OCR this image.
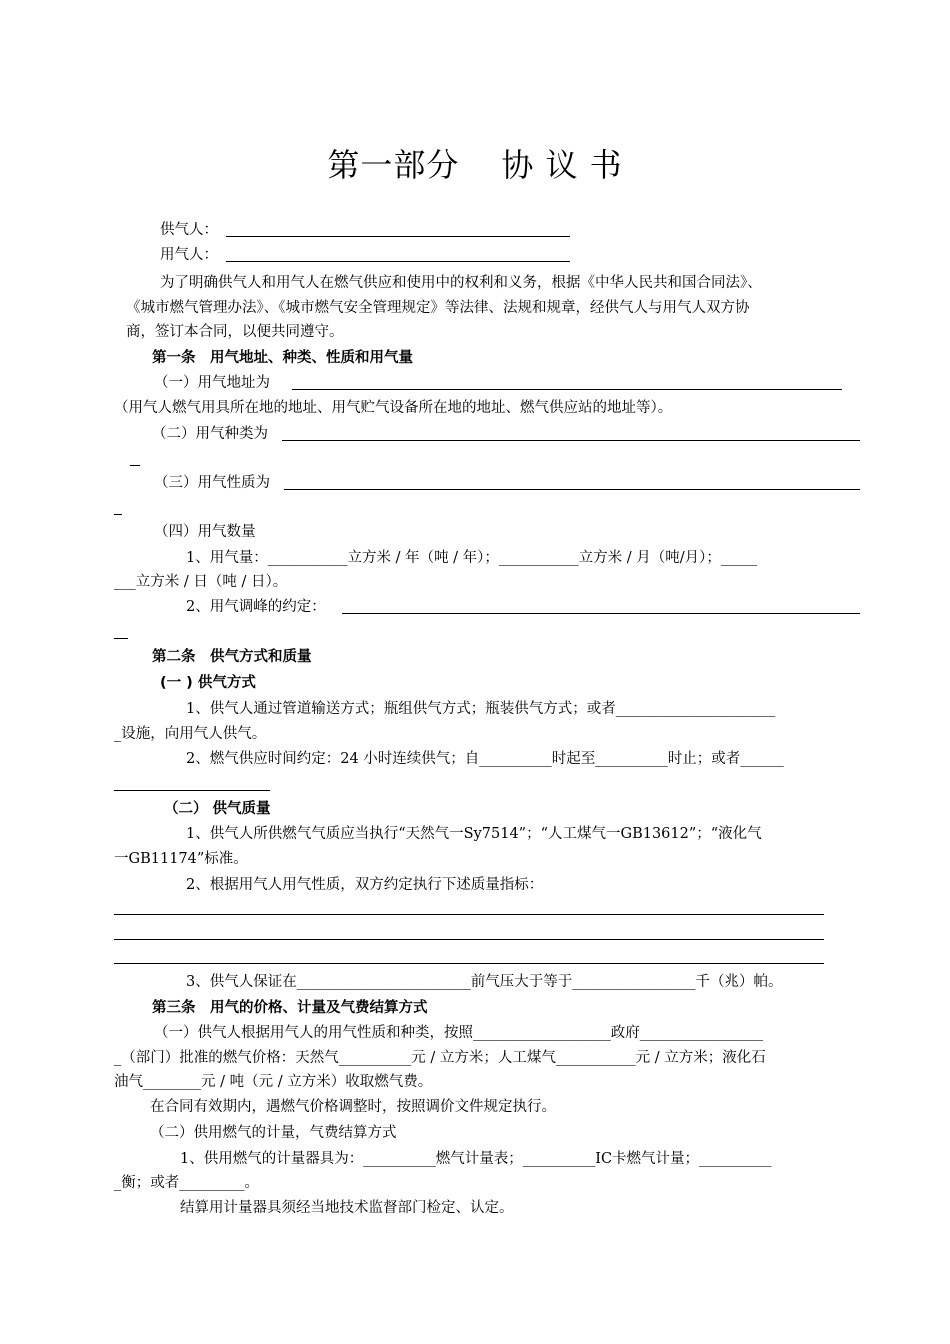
第一部分 协 议 书
供气人：
用气人：
为了明确供气人和用气人在燃气供应和使用中的权利和义务，根据《中华人民共和国合同法》、
《城市燃气管理办法》、《城市燃气安全管理规定》等法律、法规和规章，经供气人与用气人双方协
商，签订本合同，以便共同遵守。
第一条　用气地址、种类、性质和用气量
（一）用气地址为
（用气人燃气用具所在地的地址、用气贮气设备所在地的地址、燃气供应站的地址等）。
（二）用气种类为
（三）用气性质为
（四）用气数量
1、用气量：___________立方米 / 年（吨 / 年）；___________立方米 / 月（吨/月）；_____
___立方米 / 日（吨 / 日）。
2、用气调峰的约定：
第二条　供气方式和质量
(一 ) 供气方式
1、供气人通过管道输送方式；瓶组供气方式；瓶装供气方式；或者______________________
_设施，向用气人供气。
2、燃气供应时间约定：24 小时连续供气；自__________时起至__________时止；或者______
（二） 供气质量
1、供气人所供燃气气质应当执行“天然气一Sy7514”；“人工煤气一GB13612”；“液化气
一GB11174”标准。
2、根据用气人用气性质，双方约定执行下述质量指标：
3、供气人保证在________________________前气压大于等于_________________千（兆）帕。
第三条　用气的价格、计量及气费结算方式
（一）供气人根据用气人的用气性质和种类，按照___________________政府_________________
_（部门）批准的燃气价格：天然气__________元 / 立方米；人工煤气___________元 / 立方米；液化石
油气________元 / 吨（元 / 立方米）收取燃气费。
在合同有效期内，遇燃气价格调整时，按照调价文件规定执行。
（二）供用燃气的计量，气费结算方式
1、供用燃气的计量器具为：__________燃气计量表；__________IC卡燃气计量；__________
_衡；或者_________。
结算用计量器具须经当地技术监督部门检定、认定。
